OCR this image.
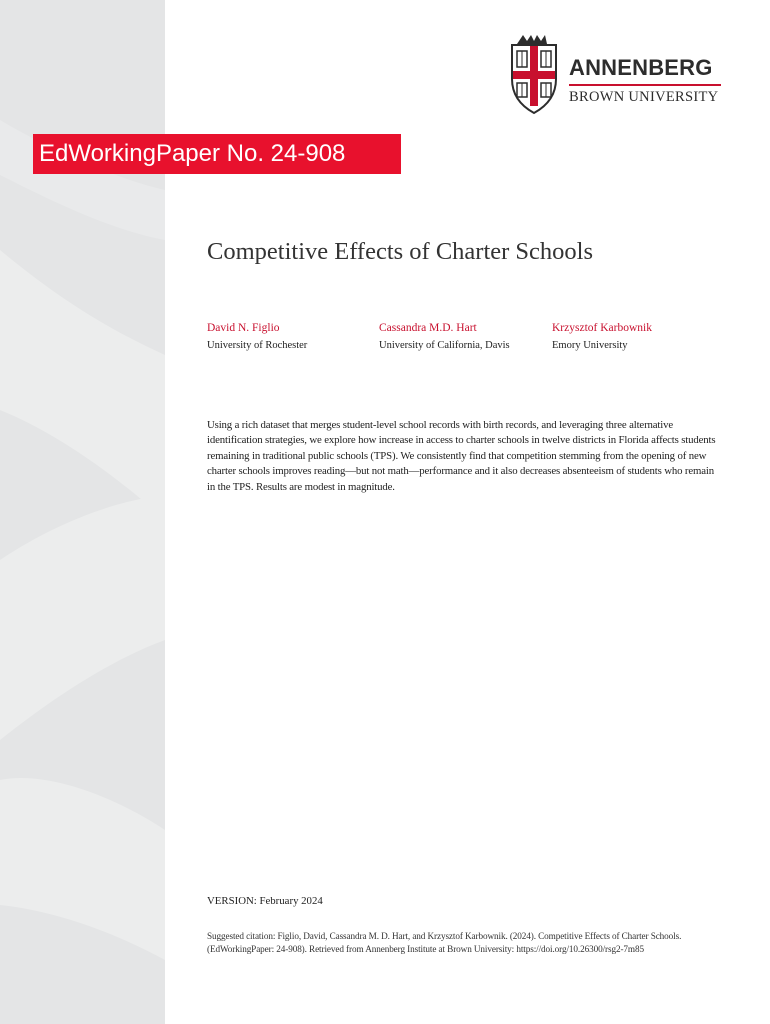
ANNENBERG
BROWN UNIVERSITY
EdWorkingPaper No. 24-908
Competitive Effects of Charter Schools
David N. Figlio
University of Rochester
Cassandra M.D. Hart
University of California, Davis
Krzysztof Karbownik
Emory University
Using a rich dataset that merges student-level school records with birth records, and leveraging three alternative identification strategies, we explore how increase in access to charter schools in twelve districts in Florida affects students remaining in traditional public schools (TPS). We consistently find that competition stemming from the opening of new charter schools improves reading—but not math—performance and it also decreases absenteeism of students who remain in the TPS. Results are modest in magnitude.
VERSION: February 2024
Suggested citation: Figlio, David, Cassandra M. D. Hart, and Krzysztof Karbownik. (2024). Competitive Effects of Charter Schools. (EdWorkingPaper: 24-908). Retrieved from Annenberg Institute at Brown University: https://doi.org/10.26300/rsg2-7m85
